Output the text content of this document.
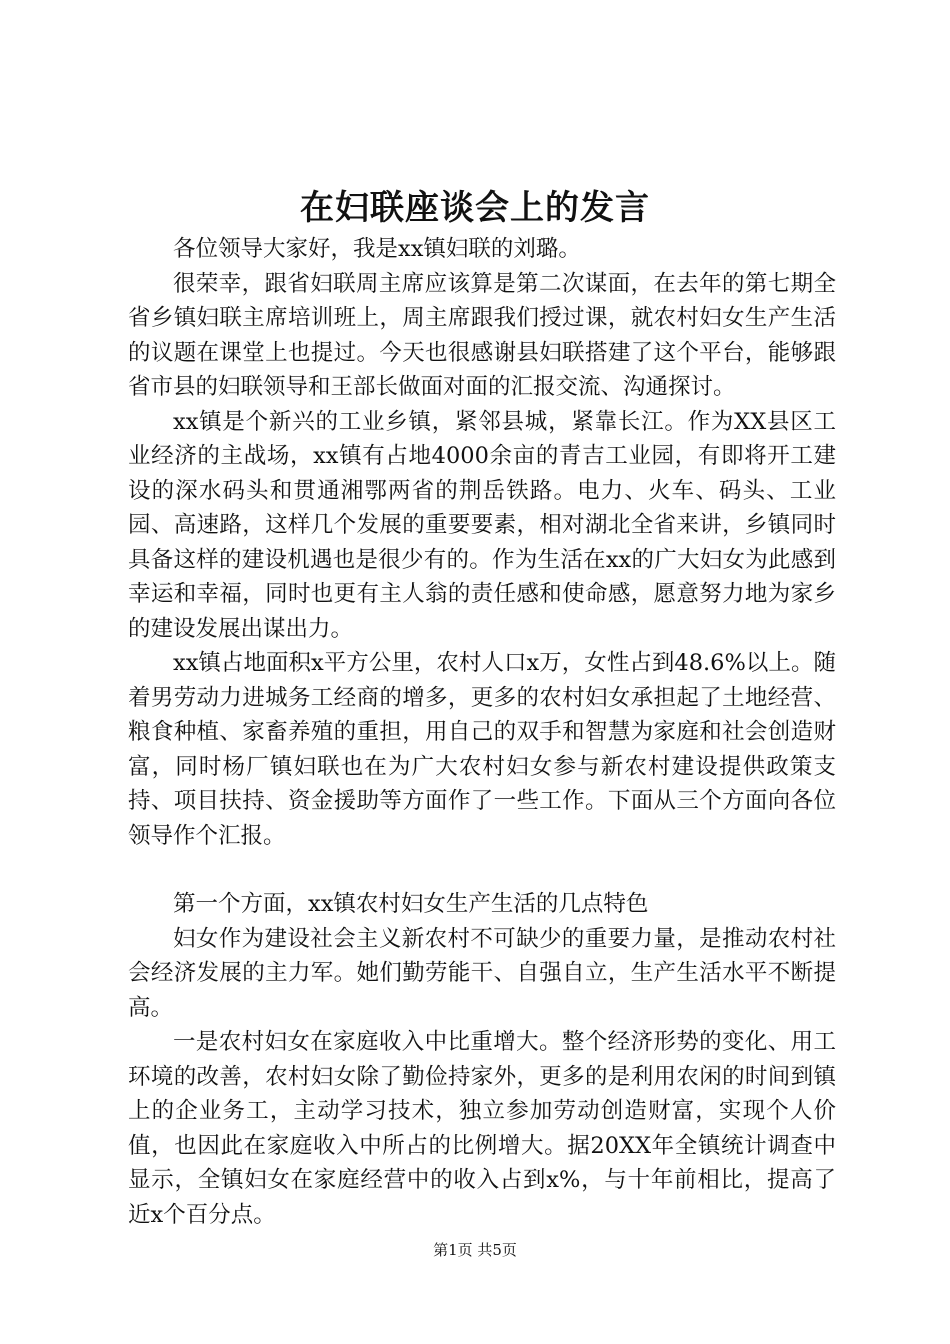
在妇联座谈会上的发言

各位领导大家好，我是xx镇妇联的刘璐。

很荣幸，跟省妇联周主席应该算是第二次谋面，在去年的第七期全省乡镇妇联主席培训班上，周主席跟我们授过课，就农村妇女生产生活的议题在课堂上也提过。今天也很感谢县妇联搭建了这个平台，能够跟省市县的妇联领导和王部长做面对面的汇报交流、沟通探讨。

xx镇是个新兴的工业乡镇，紧邻县城，紧靠长江。作为XX县区工业经济的主战场，xx镇有占地4000余亩的青吉工业园，有即将开工建设的深水码头和贯通湘鄂两省的荆岳铁路。电力、火车、码头、工业园、高速路，这样几个发展的重要要素，相对湖北全省来讲，乡镇同时具备这样的建设机遇也是很少有的。作为生活在xx的广大妇女为此感到幸运和幸福，同时也更有主人翁的责任感和使命感，愿意努力地为家乡的建设发展出谋出力。

xx镇占地面积x平方公里，农村人口x万，女性占到48.6%以上。随着男劳动力进城务工经商的增多，更多的农村妇女承担起了土地经营、粮食种植、家畜养殖的重担，用自己的双手和智慧为家庭和社会创造财富，同时杨厂镇妇联也在为广大农村妇女参与新农村建设提供政策支持、项目扶持、资金援助等方面作了一些工作。下面从三个方面向各位领导作个汇报。

第一个方面，xx镇农村妇女生产生活的几点特色

妇女作为建设社会主义新农村不可缺少的重要力量，是推动农村社会经济发展的主力军。她们勤劳能干、自强自立，生产生活水平不断提高。

一是农村妇女在家庭收入中比重增大。整个经济形势的变化、用工环境的改善，农村妇女除了勤俭持家外，更多的是利用农闲的时间到镇上的企业务工，主动学习技术，独立参加劳动创造财富，实现个人价值，也因此在家庭收入中所占的比例增大。据20XX年全镇统计调查中显示，全镇妇女在家庭经营中的收入占到x%，与十年前相比，提高了近x个百分点。

第1页 共5页
